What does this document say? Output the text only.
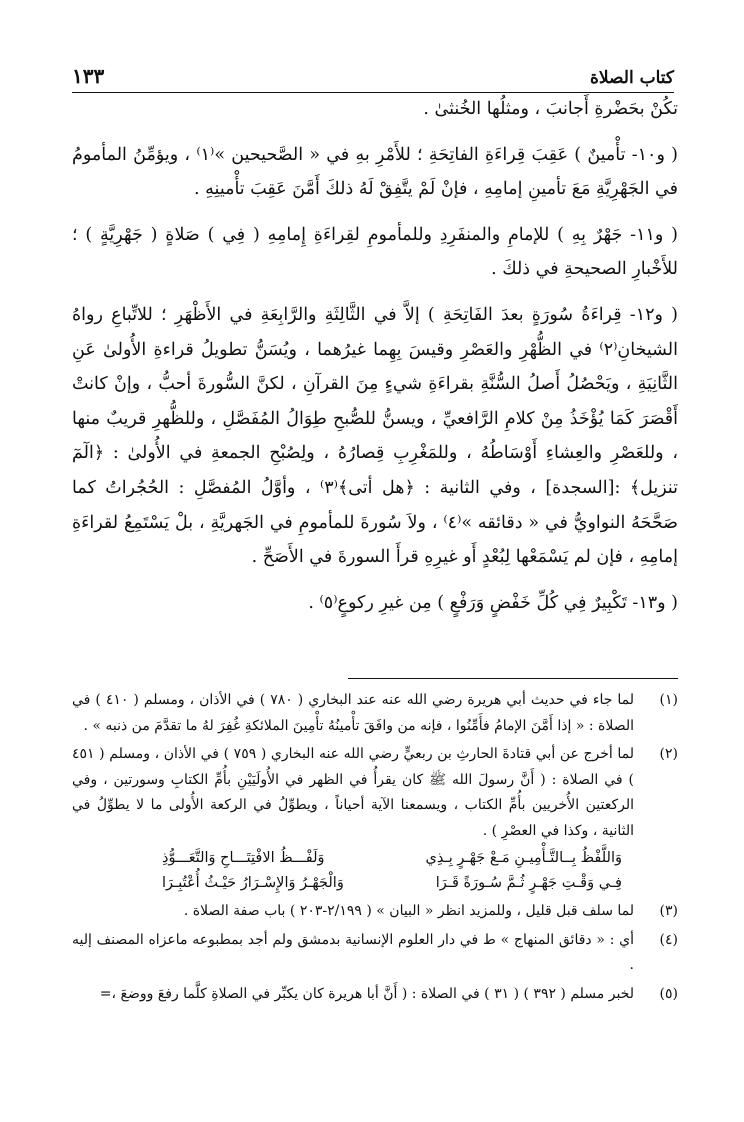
كتاب الصلاة
١٣٣

تكُنْ بحَضْرةِ أَجانبَ ، ومثلُها الخُنثىٰ .

( و١٠- تأْمينٌ ) عَقِبَ قِراءَةِ الفاتِحَةِ ؛ للأَمْرِ بهِ في « الصَّحيحين »⁽١⁾ ، ويؤمِّنُ المأمومُ في الجَهْرِيَّةِ مَعَ تأمينِ إمامِهِ ، فإنْ لَمْ يتَّفِقْ لَهُ ذلكَ أَمَّنَ عَقِبَ تأْمينِهِ .

( و١١- جَهْرٌ بِهِ ) للإمامِ والمنفَرِدِ وللمأمومِ لقِراءَةِ إِمامِهِ ( فِي ) صَلاةٍ ( جَهْرِيَّةٍ ) ؛ للأَخْبارِ الصحيحةِ في ذلكَ .

( و١٢- قِراءَةُ سُورَةٍ بعدَ الفَاتِحَةِ ) إلاَّ في الثَّالِثَةِ والرَّابِعَةِ في الأَظْهَرِ ؛ للاتِّباعِ رواهُ الشيخانِ⁽٢⁾ في الظُّهْرِ والعَصْرِ وقيسَ بِهِما غيرُهما ، ويُسَنُّ تطويلُ قراءةِ الأُولىٰ عَنِ الثَّانِيَةِ ، ويَحْصُلُ أَصلُ السُّنَّةِ بقراءَةِ شيءٍ مِنَ القرآنِ ، لكنَّ السُّورةَ أحبُّ ، وإنْ كانتْ أَقْصَرَ كَمَا يُؤْخَذُ مِنْ كلامِ الرَّافعيِّ ، ويسنُّ للصُّبحِ طِوَالُ المُفَصَّلِ ، وللظُّهرِ قريبٌ منها ، وللعَصْرِ والعِشاءِ أَوْسَاطُهُ ، وللمَغْرِبِ قِصارُهُ ، ولِصُبْحِ الجمعةِ في الأُولىٰ : ﴿الٓمٓ تنزيل﴾ :[السجدة] ، وفي الثانية : ﴿هل أتى﴾⁽٣⁾ ، وأوَّلُ المُفصَّلِ : الحُجُراتُ كما صَحَّحَهُ النواويُّ في « دقائقه »⁽٤⁾ ، ولاَ سُورةَ للمأمومِ في الجَهريَّةِ ، بلْ يَسْتَمِعُ لقراءَةِ إمامِهِ ، فإن لم يَسْمَعْها لِبُعْدٍ أَو غيرِهِ قرأَ السورةَ في الأَصَحِّ .

( و١٣- تَكْبِيرٌ فِي كُلِّ خَفْضٍ وَرَفْعٍ ) مِن غيرِ ركوعٍ⁽٥⁾ .

(١)
لما جاء في حديث أبي هريرة رضي الله عنه عند البخاري ( ٧٨٠ ) في الأذان ، ومسلم ( ٤١٠ ) في الصلاة : « إذا أَمَّنَ الإمامُ فأَمِّنُوا ، فإنه من وافَقَ تأْمينُهُ تأْمِينَ الملائكةِ غُفِرَ لهُ ما تقدَّمَ من ذنبه » .
(٢)
لما أخرج عن أبي قتادةَ الحارثِ بن ربعيٍّ رضي الله عنه البخاري ( ٧٥٩ ) في الأذان ، ومسلم ( ٤٥١ ) في الصلاة : ( أَنَّ رسولَ الله ﷺ كان يقرأُ في الظهر في الأُولَيَيْنِ بأُمِّ الكتابِ وسورتين ، وفي الركعتين الأُخريين بأُمِّ الكتاب ، ويسمعنا الآية أحياناً ، ويطوِّلُ في الركعة الأُولى ما لا يطوِّلُ في الثانية ، وكذا في العصْرِ ) .
وَاللَّفْظُ بِــالتَّـأْمِيـنِ مَـعْ جَهْـرٍ بِـذِي
وَلَفْـــظُ الافْتِتَـــاحِ وَالتَّعَـــوُّذِ
فِـي وَقْـتِ جَهْـرٍ ثُـمَّ سُـورَةً قَـرَا
وَالْجَهْـرُ وَالإِسْـرَارُ حَيْـثُ أُعْتُبِـرَا
(٣)
لما سلف قبل قليل ، وللمزيد انظر « البيان » ( ٢/١٩٩-٢٠٣ ) باب صفة الصلاة .
(٤)
أي : « دقائق المنهاج » ط في دار العلوم الإنسانية بدمشق ولم أجد بمطبوعه ماعزاه المصنف إليه .
(٥)
لخبر مسلم ( ٣٩٢ ) ( ٣١ ) في الصلاة : ( أَنَّ أبا هريرة كان يكبِّر في الصلاةِ كلَّما رفعَ ووضعَ ،=
